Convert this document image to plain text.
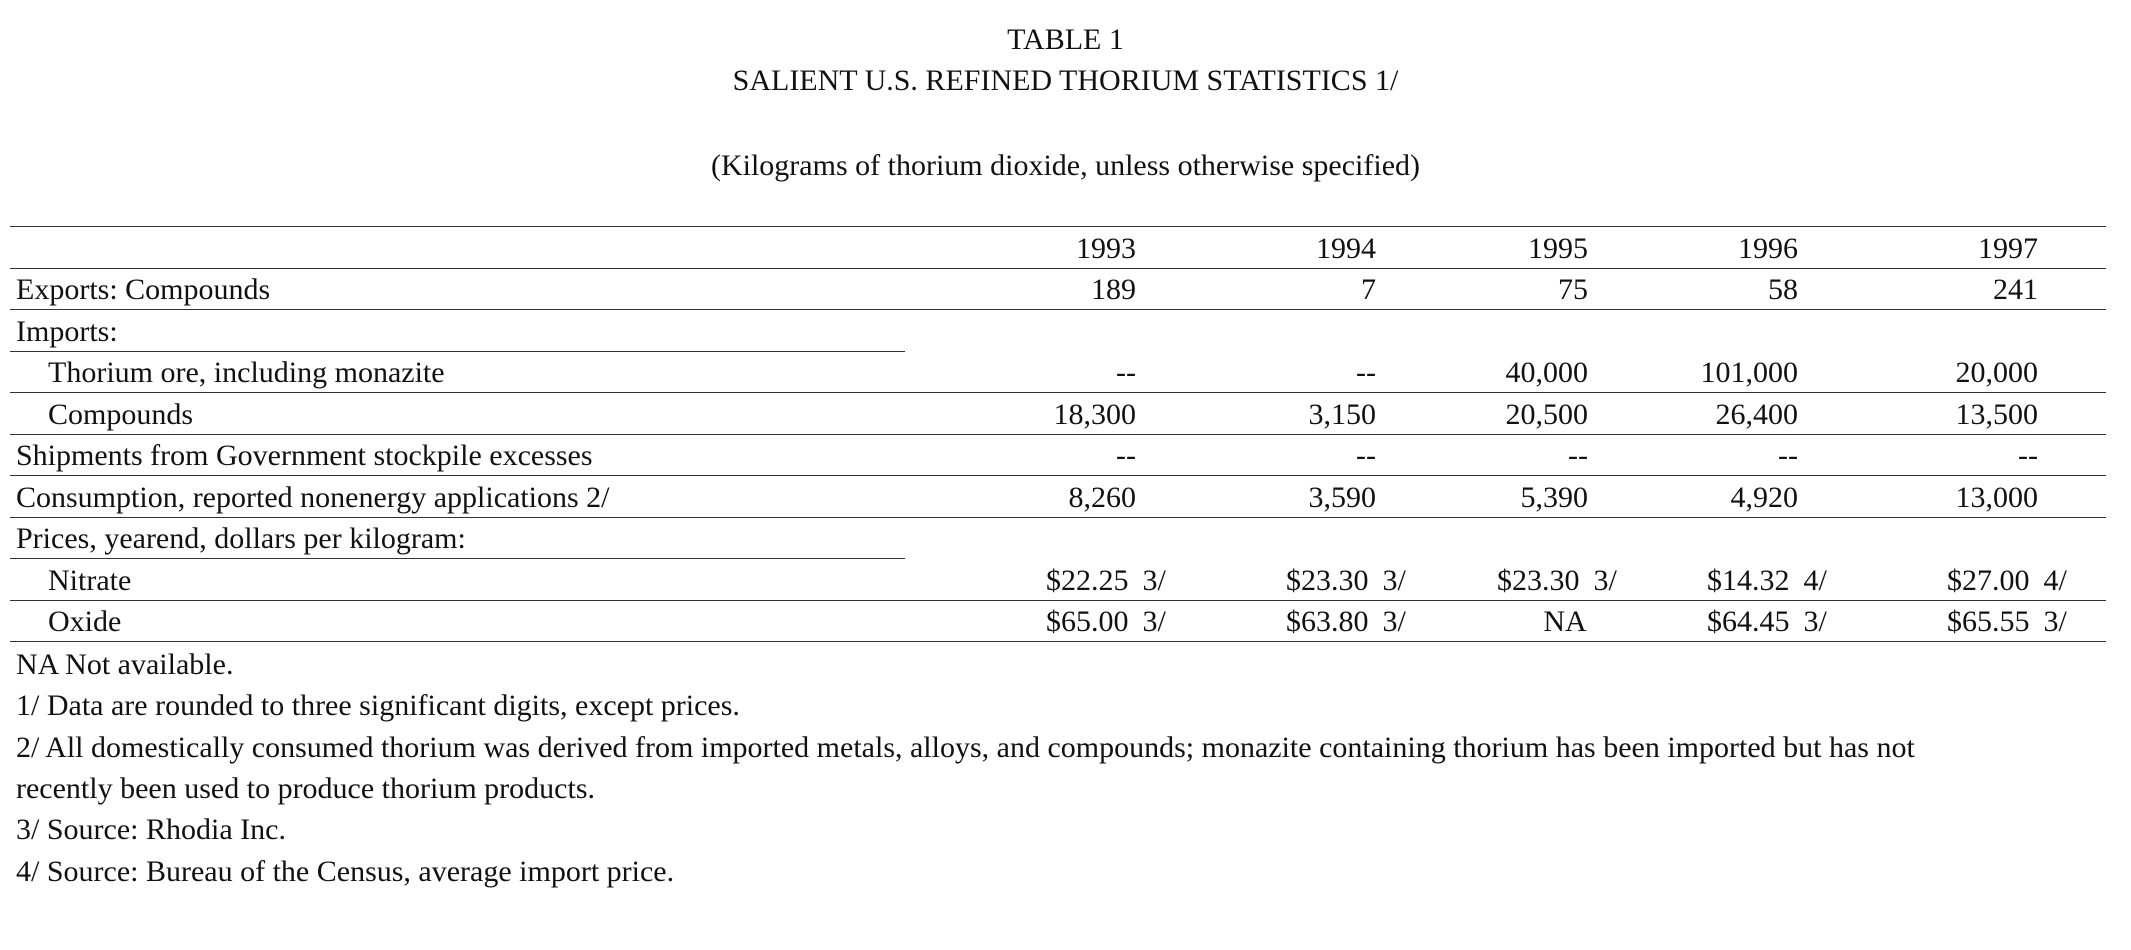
TABLE 1
SALIENT U.S. REFINED THORIUM STATISTICS 1/
(Kilograms of thorium dioxide, unless otherwise specified)
1993	1994	1995	1996	1997
Exports: Compounds	189	7	75	58	241
Imports:
Thorium ore, including monazite	--	--	40,000	101,000	20,000
Compounds	18,300	3,150	20,500	26,400	13,500
Shipments from Government stockpile excesses	--	--	--	--	--
Consumption, reported nonenergy applications 2/	8,260	3,590	5,390	4,920	13,000
Prices, yearend, dollars per kilogram:
Nitrate	$22.25 3/	$23.30 3/	$23.30 3/	$14.32 4/	$27.00 4/
Oxide	$65.00 3/	$63.80 3/	NA	$64.45 3/	$65.55 3/
NA Not available.
1/ Data are rounded to three significant digits, except prices.
2/ All domestically consumed thorium was derived from imported metals, alloys, and compounds; monazite containing thorium has been imported but has not
recently been used to produce thorium products.
3/ Source: Rhodia Inc.
4/ Source: Bureau of the Census, average import price.
